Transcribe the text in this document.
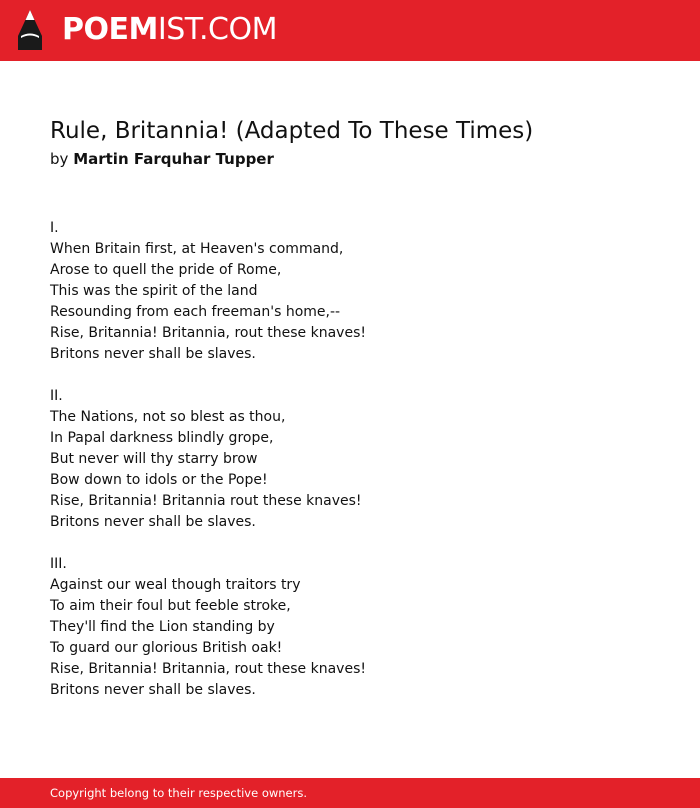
POEMIST.COM
Rule, Britannia! (Adapted To These Times)
by Martin Farquhar Tupper
I.
When Britain first, at Heaven's command,
Arose to quell the pride of Rome,
This was the spirit of the land
Resounding from each freeman's home,--
Rise, Britannia! Britannia, rout these knaves!
Britons never shall be slaves.
II.
The Nations, not so blest as thou,
In Papal darkness blindly grope,
But never will thy starry brow
Bow down to idols or the Pope!
Rise, Britannia! Britannia rout these knaves!
Britons never shall be slaves.
III.
Against our weal though traitors try
To aim their foul but feeble stroke,
They'll find the Lion standing by
To guard our glorious British oak!
Rise, Britannia! Britannia, rout these knaves!
Britons never shall be slaves.
Copyright belong to their respective owners.
